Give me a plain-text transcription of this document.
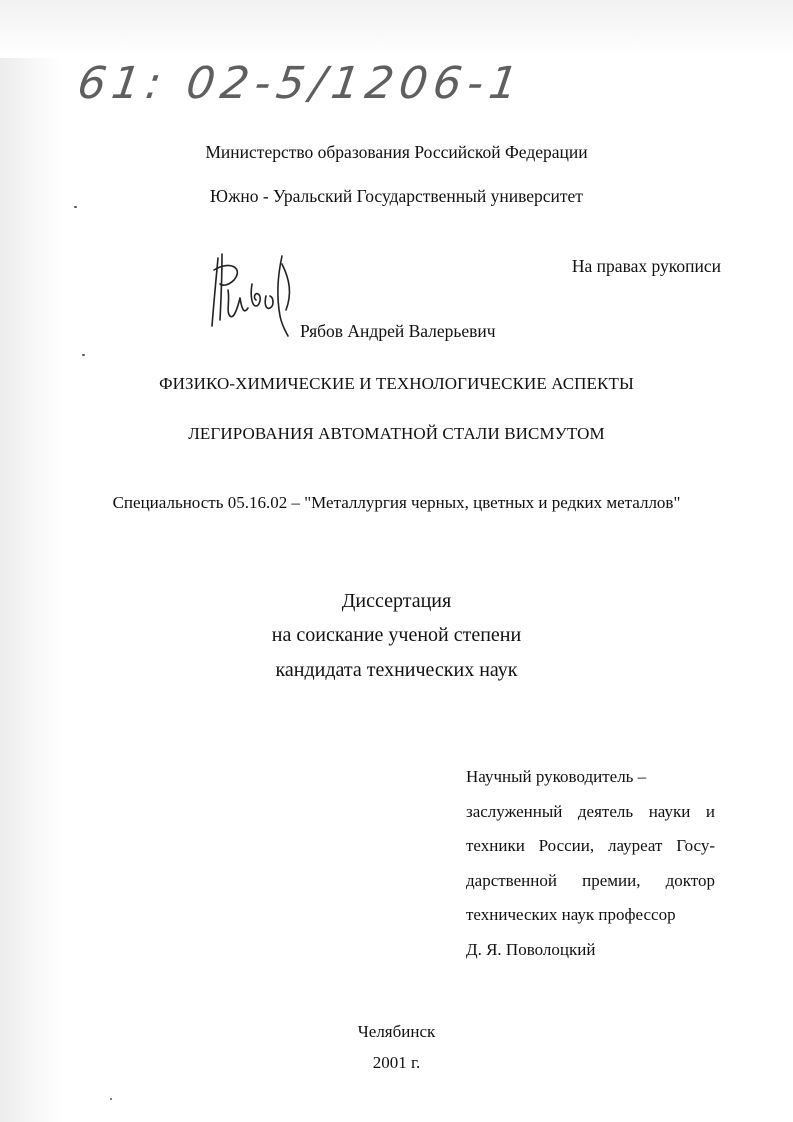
61: 02-5/1206-1
Министерство образования Российской Федерации
Южно - Уральский Государственный университет
На правах рукописи
Рябов Андрей Валерьевич
ФИЗИКО-ХИМИЧЕСКИЕ И ТЕХНОЛОГИЧЕСКИЕ АСПЕКТЫ
ЛЕГИРОВАНИЯ АВТОМАТНОЙ СТАЛИ ВИСМУТОМ
Специальность 05.16.02 – "Металлургия черных, цветных и редких металлов"
Диссертация
на соискание ученой степени
кандидата технических наук
Научный руководитель –
заслуженный деятель науки и
техники России, лауреат Госу-
дарственной премии, доктор
технических наук профессор
Д. Я. Поволоцкий
Челябинск
2001 г.
